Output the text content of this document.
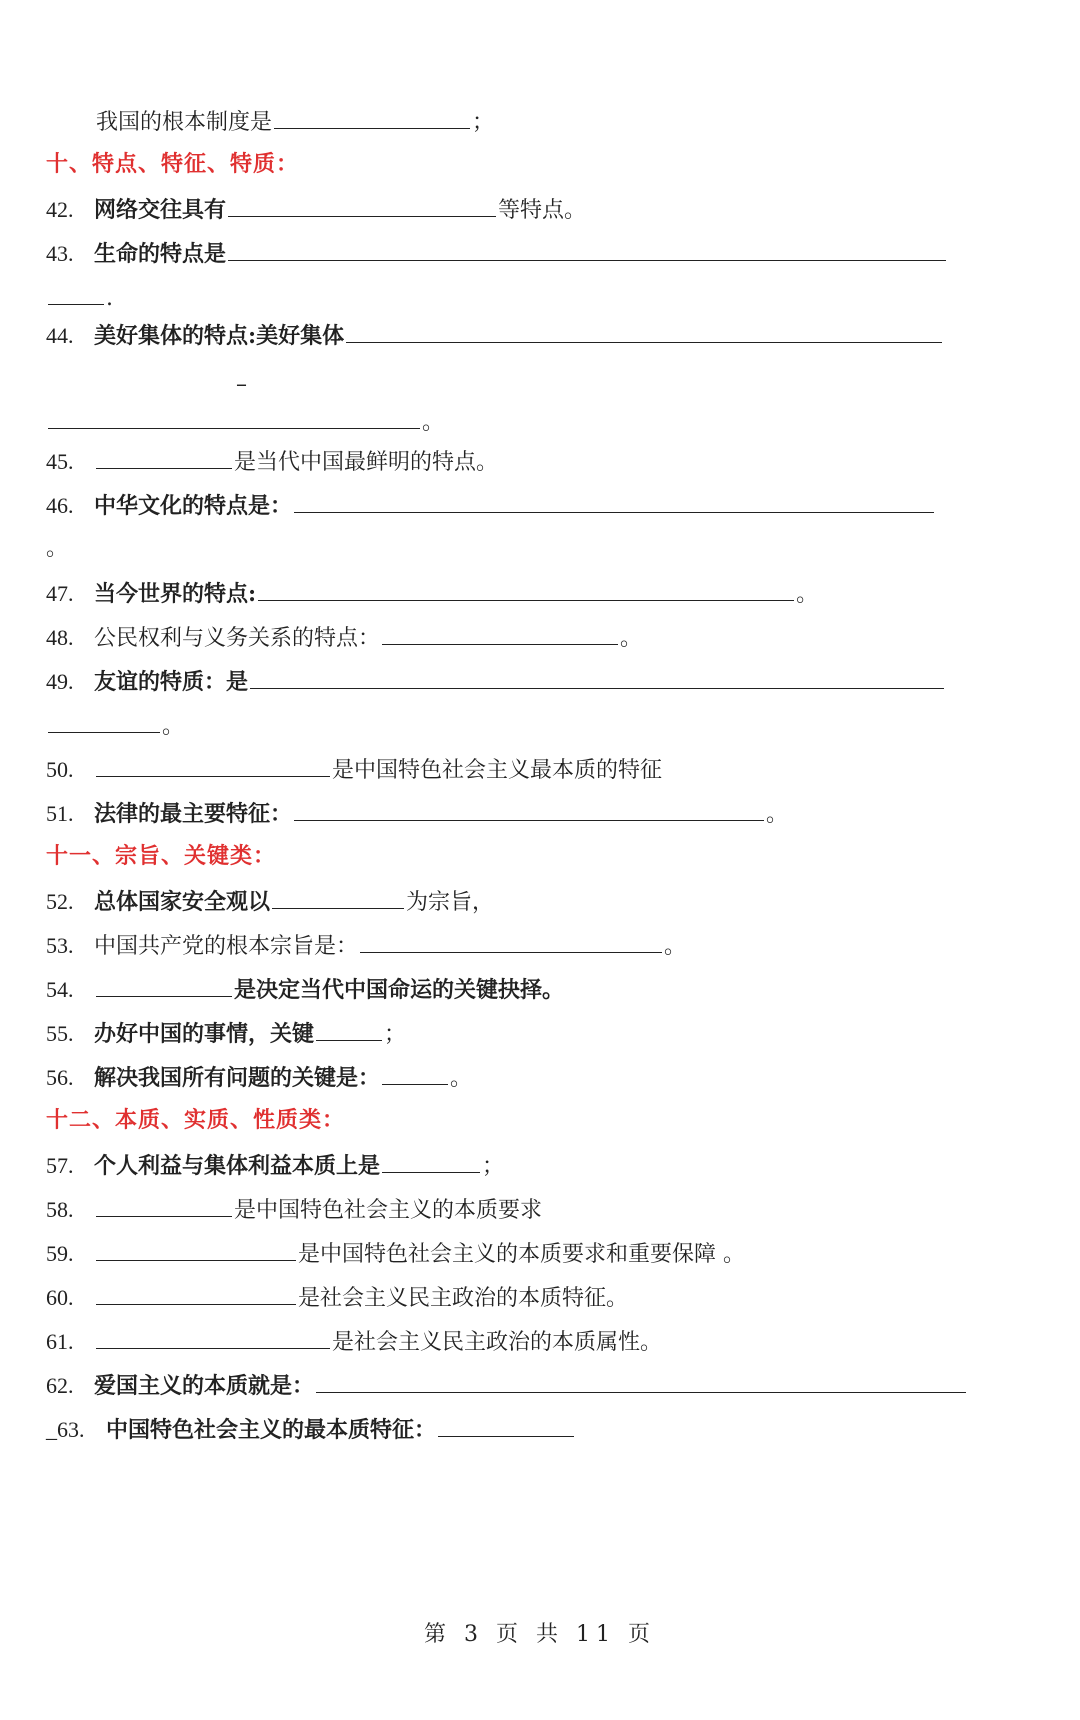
我国的根本制度是	；
十、特点、特征、特质：
42. 网络交往具有	等特点。
43. 生命的特点是
.
44. 美好集体的特点:美好集体
–
。
45.	是当代中国最鲜明的特点。
46. 中华文化的特点是：
。
47. 当今世界的特点:	。
48. 公民权利与义务关系的特点：	。
49. 友谊的特质：是
。
50.	是中国特色社会主义最本质的特征
51. 法律的最主要特征：	。
十一、宗旨、关键类：
52. 总体国家安全观以	为宗旨，
53. 中国共产党的根本宗旨是：	。
54.	是决定当代中国命运的关键抉择。
55. 办好中国的事情，关键	；
56. 解决我国所有问题的关键是：	。
十二、本质、实质、性质类：
57. 个人利益与集体利益本质上是	；
58.	是中国特色社会主义的本质要求
59.	是中国特色社会主义的本质要求和重要保障 。
60.	是社会主义民主政治的本质特征。
61.	是社会主义民主政治的本质属性。
62. 爱国主义的本质就是：
_63. 中国特色社会主义的最本质特征：
第 3 页 共 11 页
